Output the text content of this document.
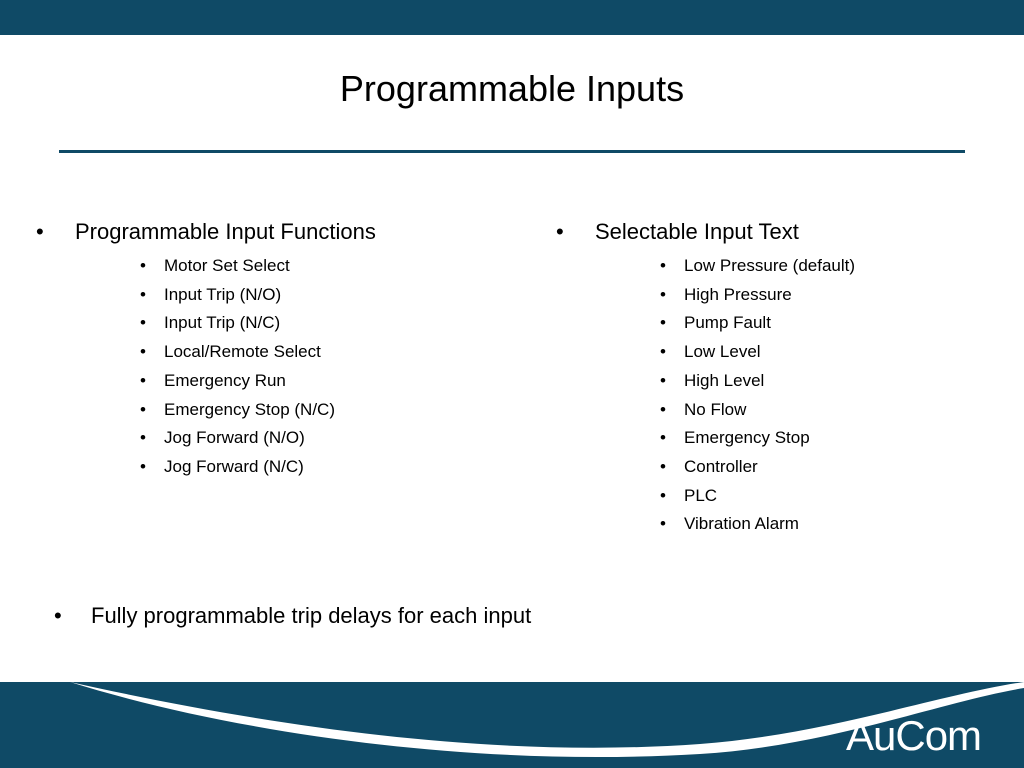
Programmable Inputs
• Programmable Input Functions
• Motor Set Select
• Input Trip (N/O)
• Input Trip (N/C)
• Local/Remote Select
• Emergency Run
• Emergency Stop (N/C)
• Jog Forward (N/O)
• Jog Forward (N/C)
• Selectable Input Text
• Low Pressure (default)
• High Pressure
• Pump Fault
• Low Level
• High Level
• No Flow
• Emergency Stop
• Controller
• PLC
• Vibration Alarm
• Fully programmable trip delays for each input
AuCom
